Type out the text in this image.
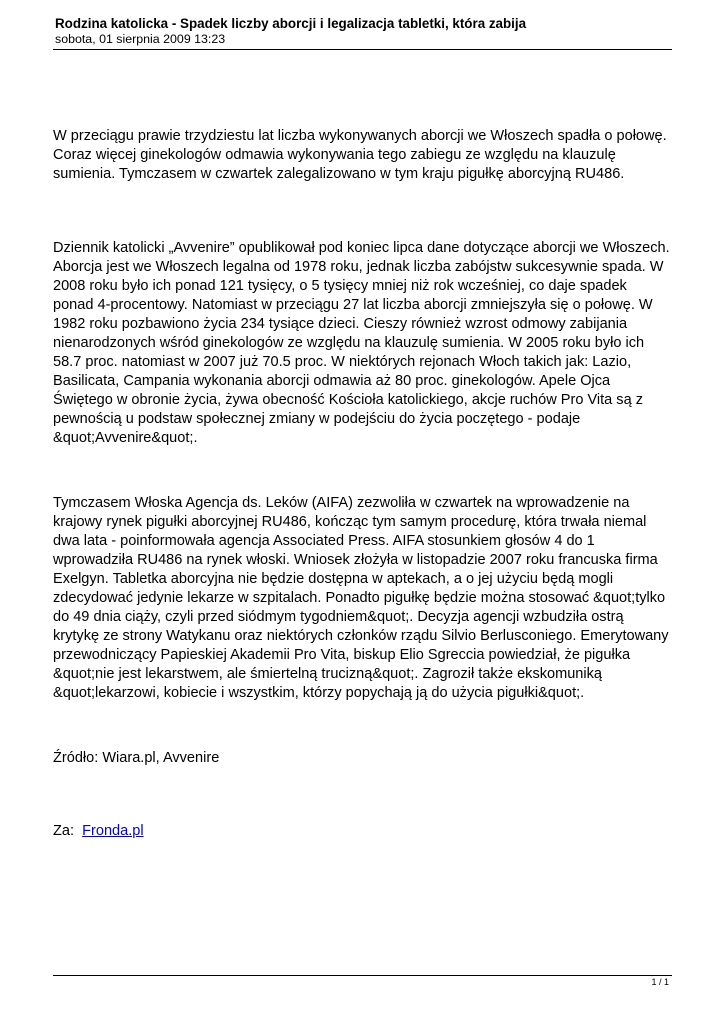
Rodzina katolicka - Spadek liczby aborcji i legalizacja tabletki, która zabija
sobota, 01 sierpnia 2009 13:23

W przeciągu prawie trzydziestu lat liczba wykonywanych aborcji we Włoszech spadła o połowę.
Coraz więcej ginekologów odmawia wykonywania tego zabiegu ze względu na klauzulę
sumienia. Tymczasem w czwartek zalegalizowano w tym kraju pigułkę aborcyjną RU486.

Dziennik katolicki „Avvenire” opublikował pod koniec lipca dane dotyczące aborcji we Włoszech.
Aborcja jest we Włoszech legalna od 1978 roku, jednak liczba zabójstw sukcesywnie spada. W
2008 roku było ich ponad 121 tysięcy, o 5 tysięcy mniej niż rok wcześniej, co daje spadek
ponad 4-procentowy. Natomiast w przeciągu 27 lat liczba aborcji zmniejszyła się o połowę. W
1982 roku pozbawiono życia 234 tysiące dzieci. Cieszy również wzrost odmowy zabijania
nienarodzonych wśród ginekologów ze względu na klauzulę sumienia. W 2005 roku było ich
58.7 proc. natomiast w 2007 już 70.5 proc. W niektórych rejonach Włoch takich jak: Lazio,
Basilicata, Campania wykonania aborcji odmawia aż 80 proc. ginekologów. Apele Ojca
Świętego w obronie życia, żywa obecność Kościoła katolickiego, akcje ruchów Pro Vita są z
pewnością u podstaw społecznej zmiany w podejściu do życia poczętego - podaje
&quot;Avvenire&quot;.

Tymczasem Włoska Agencja ds. Leków (AIFA) zezwoliła w czwartek na wprowadzenie na
krajowy rynek pigułki aborcyjnej RU486, kończąc tym samym procedurę, która trwała niemal
dwa lata - poinformowała agencja Associated Press. AIFA stosunkiem głosów 4 do 1
wprowadziła RU486 na rynek włoski. Wniosek złożyła w listopadzie 2007 roku francuska firma
Exelgyn. Tabletka aborcyjna nie będzie dostępna w aptekach, a o jej użyciu będą mogli
zdecydować jedynie lekarze w szpitalach. Ponadto pigułkę będzie można stosować &quot;tylko
do 49 dnia ciąży, czyli przed siódmym tygodniem&quot;. Decyzja agencji wzbudziła ostrą
krytykę ze strony Watykanu oraz niektórych członków rządu Silvio Berlusconiego. Emerytowany
przewodniczący Papieskiej Akademii Pro Vita, biskup Elio Sgreccia powiedział, że pigułka
&quot;nie jest lekarstwem, ale śmiertelną trucizną&quot;. Zagroził także ekskomuniką
&quot;lekarzowi, kobiecie i wszystkim, którzy popychają ją do użycia pigułki&quot;.

Źródło: Wiara.pl, Avvenire

Za: Fronda.pl

1 / 1
